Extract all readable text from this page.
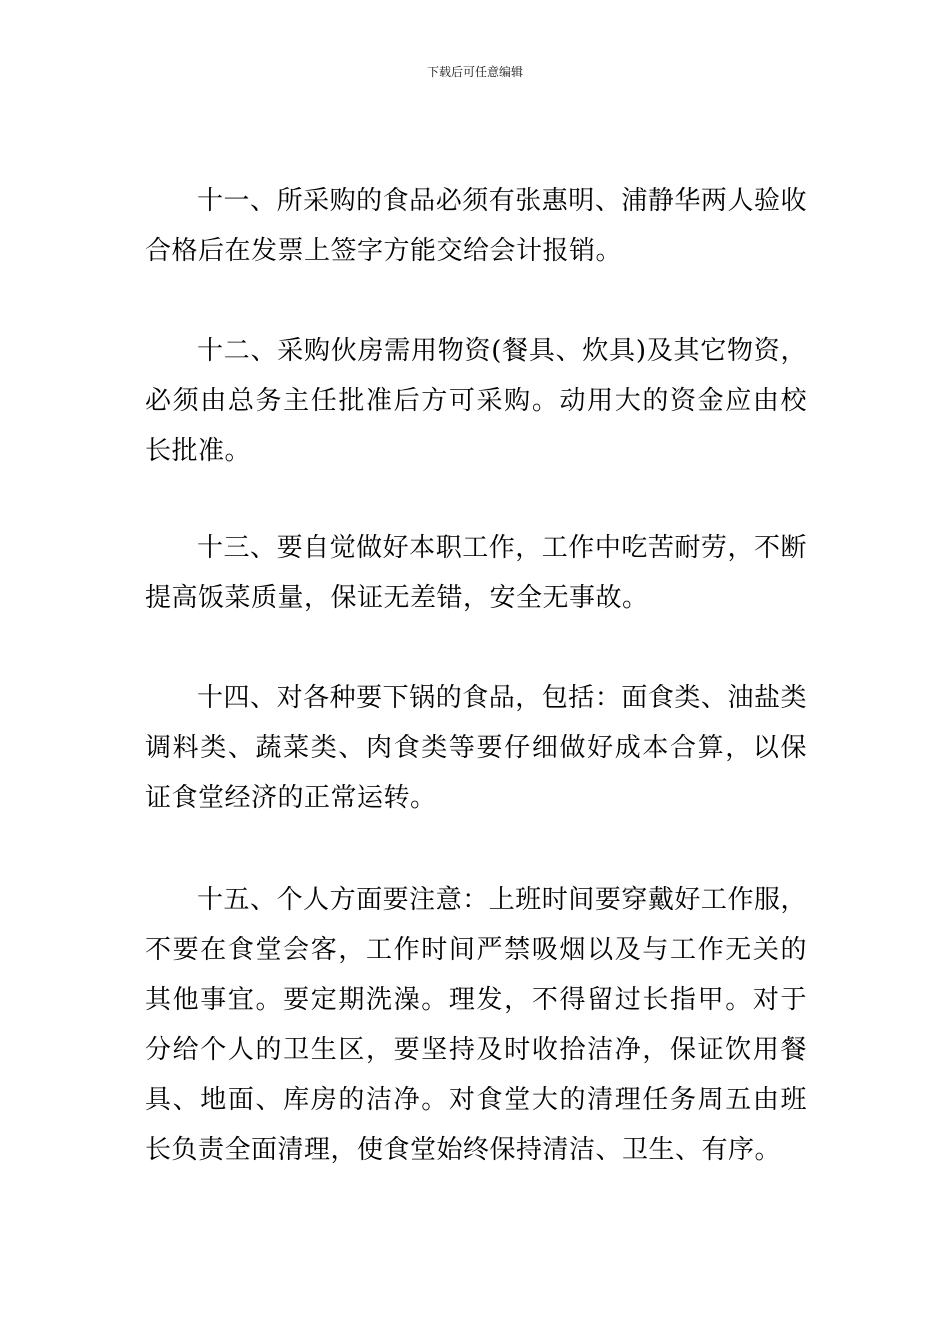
下载后可任意编辑

十一、所采购的食品必须有张惠明、浦静华两人验收合格后在发票上签字方能交给会计报销。

十二、采购伙房需用物资(餐具、炊具)及其它物资，必须由总务主任批准后方可采购。动用大的资金应由校长批准。

十三、要自觉做好本职工作，工作中吃苦耐劳，不断提高饭菜质量，保证无差错，安全无事故。

十四、对各种要下锅的食品，包括：面食类、油盐类调料类、蔬菜类、肉食类等要仔细做好成本合算，以保证食堂经济的正常运转。

十五、个人方面要注意：上班时间要穿戴好工作服，不要在食堂会客，工作时间严禁吸烟以及与工作无关的其他事宜。要定期洗澡。理发，不得留过长指甲。对于分给个人的卫生区，要坚持及时收拾洁净，保证饮用餐具、地面、库房的洁净。对食堂大的清理任务周五由班长负责全面清理，使食堂始终保持清洁、卫生、有序。
